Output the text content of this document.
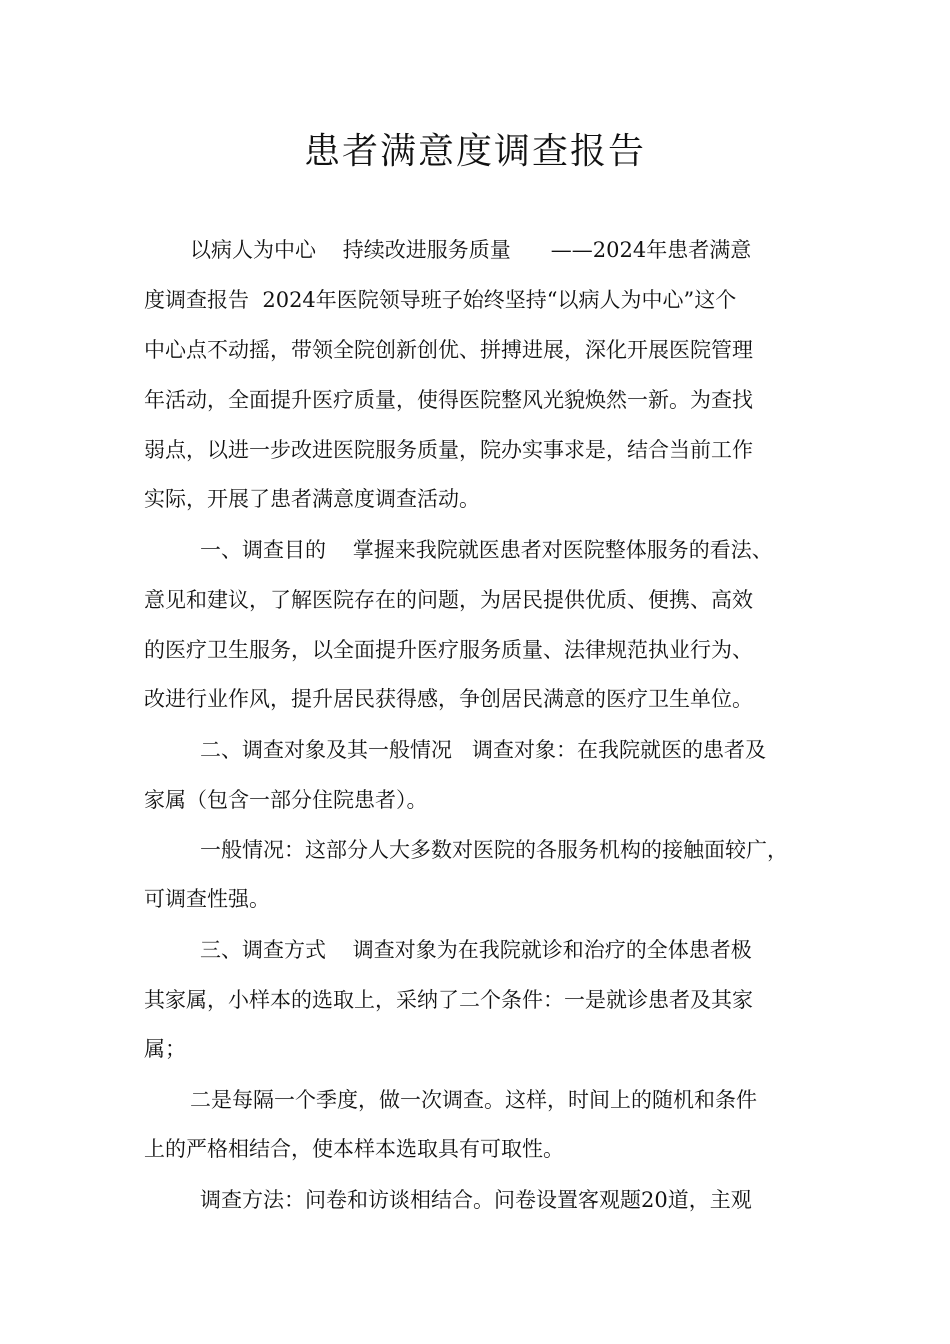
患者满意度调查报告
以病人为中心    持续改进服务质量      ——2024年患者满意
度调查报告  2024年医院领导班子始终坚持“以病人为中心”这个
中心点不动摇，带领全院创新创优、拼搏进展，深化开展医院管理
年活动，全面提升医疗质量，使得医院整风光貌焕然一新。为查找
弱点，以进一步改进医院服务质量，院办实事求是，结合当前工作
实际，开展了患者满意度调查活动。
一、调查目的    掌握来我院就医患者对医院整体服务的看法、
意见和建议，了解医院存在的问题，为居民提供优质、便携、高效
的医疗卫生服务，以全面提升医疗服务质量、法律规范执业行为、
改进行业作风，提升居民获得感，争创居民满意的医疗卫生单位。
二、调查对象及其一般情况   调查对象：在我院就医的患者及
家属（包含一部分住院患者）。
一般情况：这部分人大多数对医院的各服务机构的接触面较广，
可调查性强。
三、调查方式    调查对象为在我院就诊和治疗的全体患者极
其家属，小样本的选取上，采纳了二个条件：一是就诊患者及其家
属；
二是每隔一个季度，做一次调查。这样，时间上的随机和条件
上的严格相结合，使本样本选取具有可取性。
调查方法：问卷和访谈相结合。问卷设置客观题20道，主观
